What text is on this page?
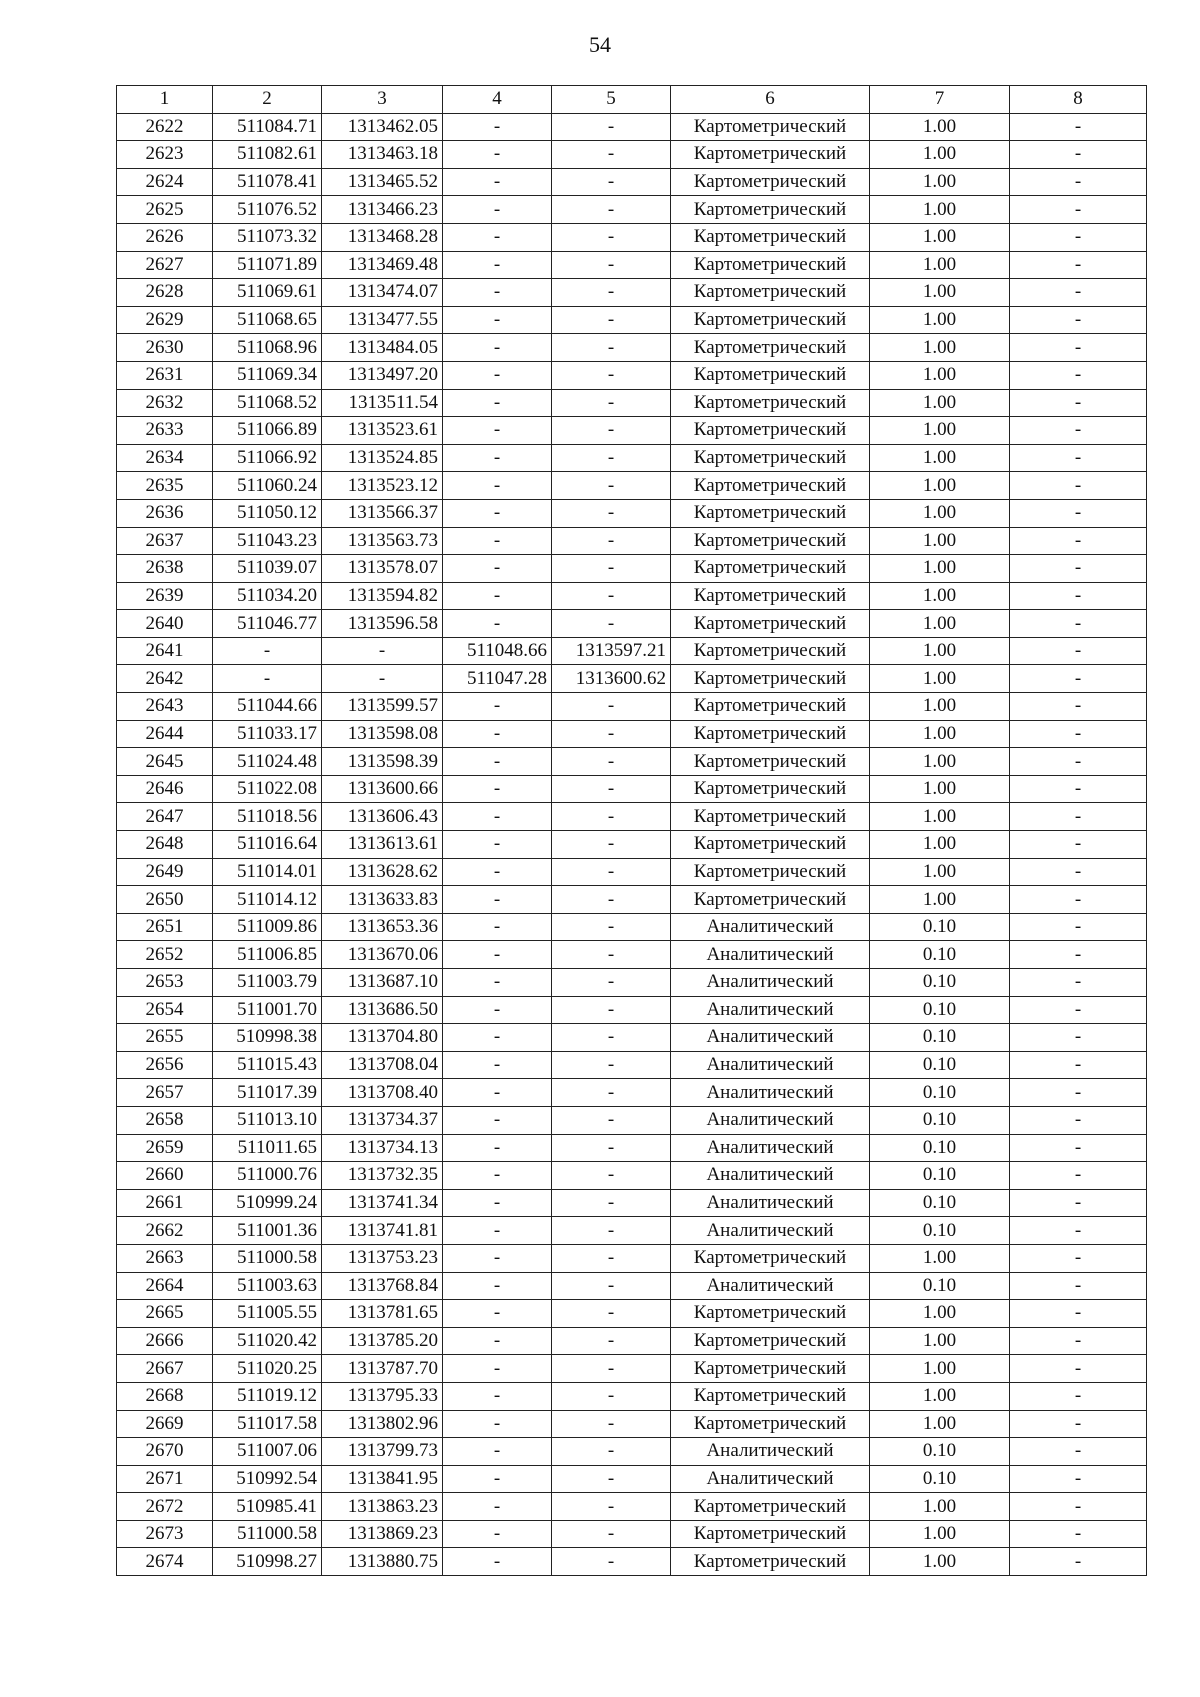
54
1	2	3	4	5	6	7	8
2622	511084.71	1313462.05	-	-	Картометрический	1.00	-
2623	511082.61	1313463.18	-	-	Картометрический	1.00	-
2624	511078.41	1313465.52	-	-	Картометрический	1.00	-
2625	511076.52	1313466.23	-	-	Картометрический	1.00	-
2626	511073.32	1313468.28	-	-	Картометрический	1.00	-
2627	511071.89	1313469.48	-	-	Картометрический	1.00	-
2628	511069.61	1313474.07	-	-	Картометрический	1.00	-
2629	511068.65	1313477.55	-	-	Картометрический	1.00	-
2630	511068.96	1313484.05	-	-	Картометрический	1.00	-
2631	511069.34	1313497.20	-	-	Картометрический	1.00	-
2632	511068.52	1313511.54	-	-	Картометрический	1.00	-
2633	511066.89	1313523.61	-	-	Картометрический	1.00	-
2634	511066.92	1313524.85	-	-	Картометрический	1.00	-
2635	511060.24	1313523.12	-	-	Картометрический	1.00	-
2636	511050.12	1313566.37	-	-	Картометрический	1.00	-
2637	511043.23	1313563.73	-	-	Картометрический	1.00	-
2638	511039.07	1313578.07	-	-	Картометрический	1.00	-
2639	511034.20	1313594.82	-	-	Картометрический	1.00	-
2640	511046.77	1313596.58	-	-	Картометрический	1.00	-
2641	-	-	511048.66	1313597.21	Картометрический	1.00	-
2642	-	-	511047.28	1313600.62	Картометрический	1.00	-
2643	511044.66	1313599.57	-	-	Картометрический	1.00	-
2644	511033.17	1313598.08	-	-	Картометрический	1.00	-
2645	511024.48	1313598.39	-	-	Картометрический	1.00	-
2646	511022.08	1313600.66	-	-	Картометрический	1.00	-
2647	511018.56	1313606.43	-	-	Картометрический	1.00	-
2648	511016.64	1313613.61	-	-	Картометрический	1.00	-
2649	511014.01	1313628.62	-	-	Картометрический	1.00	-
2650	511014.12	1313633.83	-	-	Картометрический	1.00	-
2651	511009.86	1313653.36	-	-	Аналитический	0.10	-
2652	511006.85	1313670.06	-	-	Аналитический	0.10	-
2653	511003.79	1313687.10	-	-	Аналитический	0.10	-
2654	511001.70	1313686.50	-	-	Аналитический	0.10	-
2655	510998.38	1313704.80	-	-	Аналитический	0.10	-
2656	511015.43	1313708.04	-	-	Аналитический	0.10	-
2657	511017.39	1313708.40	-	-	Аналитический	0.10	-
2658	511013.10	1313734.37	-	-	Аналитический	0.10	-
2659	511011.65	1313734.13	-	-	Аналитический	0.10	-
2660	511000.76	1313732.35	-	-	Аналитический	0.10	-
2661	510999.24	1313741.34	-	-	Аналитический	0.10	-
2662	511001.36	1313741.81	-	-	Аналитический	0.10	-
2663	511000.58	1313753.23	-	-	Картометрический	1.00	-
2664	511003.63	1313768.84	-	-	Аналитический	0.10	-
2665	511005.55	1313781.65	-	-	Картометрический	1.00	-
2666	511020.42	1313785.20	-	-	Картометрический	1.00	-
2667	511020.25	1313787.70	-	-	Картометрический	1.00	-
2668	511019.12	1313795.33	-	-	Картометрический	1.00	-
2669	511017.58	1313802.96	-	-	Картометрический	1.00	-
2670	511007.06	1313799.73	-	-	Аналитический	0.10	-
2671	510992.54	1313841.95	-	-	Аналитический	0.10	-
2672	510985.41	1313863.23	-	-	Картометрический	1.00	-
2673	511000.58	1313869.23	-	-	Картометрический	1.00	-
2674	510998.27	1313880.75	-	-	Картометрический	1.00	-
